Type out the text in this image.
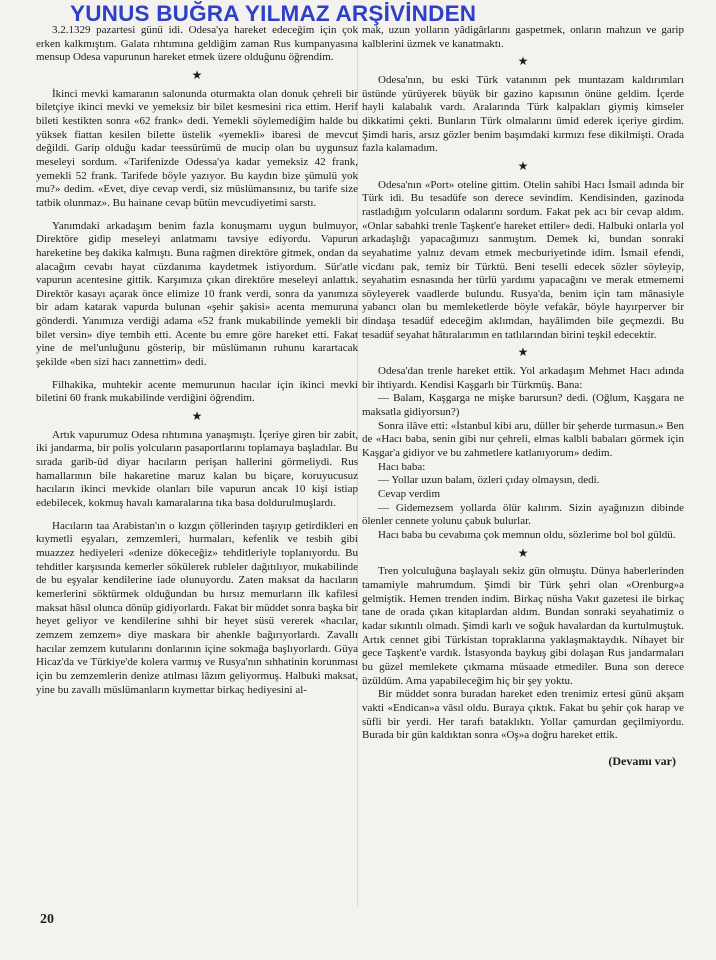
YUNUS BUĞRA YILMAZ ARŞİVİNDEN

3.2.1329 pazartesi günü idi. Odesa'ya hareket edeceğim için çok erken kalkmıştım. Galata rıhtımına geldiğim zaman Rus kumpanyasına mensup Odesa vapurunun hareket etmek üzere olduğunu öğrendim.

★

İkinci mevki kamaranın salonunda oturmakta olan donuk çehreli bir biletçiye ikinci mevki ve yemeksiz bir bilet kesmesini rica ettim. Herif bileti kestikten sonra «62 frank» dedi. Yemekli söylemediğim halde bu yüksek fiattan kesilen bilette üstelik «yemekli» ibaresi de mevcut değildi. Garip olduğu kadar teessürümü de mucip olan bu uygunsuz meseleyi sordum. «Tarifenizde Odessa'ya kadar yemeksiz 42 frank, yemekli 52 frank. Tarifede böyle yazıyor. Bu kaydın bize şümulü yok mu?» dedim. «Evet, diye cevap verdi, siz müslümansınız, bu tarife size tatbik olunmaz». Bu hainane cevap bütün mevcudiyetimi sarstı.

Yanımdaki arkadaşım benim fazla konuşmamı uygun bulmuyor, Direktöre gidip meseleyi anlatmamı tavsiye ediyordu. Vapurun hareketine beş dakika kalmıştı. Buna rağmen direktöre gitmek, ondan da alacağım cevabı hayat cüzdanıma kaydetmek istiyordum. Sür'atle vapurun acentesine gittik. Karşımıza çıkan direktöre meseleyi anlattık. Direktör kasayı açarak önce elimize 10 frank verdi, sonra da yanımıza bir adam katarak vapurda bulunan «şehir şakisi» acenta memuruna gönderdi. Yanımıza verdiği adama «52 frank mukabilinde yemekli bir bilet versin» diye tembih etti. Acente bu emre göre hareket etti. Fakat yine de mel'unluğunu gösterip, bir müslümanın ruhunu karartacak şekilde «ben sizi hacı zannettim» dedi.

Filhakika, muhtekir acente memurunun hacılar için ikinci mevki biletini 60 frank mukabilinde verdiğini öğrendim.

★

Artık vapurumuz Odesa rıhtımına yanaşmıştı. İçeriye giren bir zabit, iki jandarma, bir polis yolcuların pasaportlarını toplamaya başladılar. Bu sırada garib-üd diyar hacıların perişan hallerini görmeliydi. Rus hamallarının bile hakaretine maruz kalan bu biçare, koruyucusuz hacıların ikinci mevkide olanları bile vapurun ancak 10 kişi istiap edebilecek, kokmuş havalı kamaralarına tıka basa doldurulmuşlardı.

Hacıların taa Arabistan'ın o kızgın çöllerinden taşıyıp getirdikleri en kıymetli eşyaları, zemzemleri, hurmaları, kefenlik ve tesbih gibi muazzez hediyeleri «denize dökeceğiz» tehditleriyle toplanıyordu. Bu tehditler karşısında kemerler sökülerek rubleler dağıtılıyor, mukabilinde de bu eşyalar kendilerine iade olunuyordu. Zaten maksat da hacıların kemerlerini söktürmek olduğundan bu hırsız memurların ilk kafilesi maksat hâsıl olunca dönüp gidiyorlardı. Fakat bir müddet sonra başka bir heyet geliyor ve kendilerine sıhhi bir heyet süsü vererek «hacılar, zemzem zemzem» diye maskara bir ahenkle bağırıyorlardı. Zavallı hacılar zemzem kutularını donlarının içine sokmağa başlıyorlardı. Güya Hicaz'da ve Türkiye'de kolera varmış ve Rusya'nın sıhhatinin korunması için bu zemzemlerin denize atılması lâzım geliyormuş. Halbuki maksat, yine bu zavallı müslümanların kıymettar birkaç hediyesini al-

mak, uzun yolların yâdigârlarını gaspetmek, onların mahzun ve garip kalblerini üzmek ve kanatmaktı.

★

Odesa'nın, bu eski Türk vatanının pek muntazam kaldırımları üstünde yürüyerek büyük bir gazino kapısının önüne geldim. İçerde hayli kalabalık vardı. Aralarında Türk kalpakları giymiş kimseler dikkatimi çekti. Bunların Türk olmalarını ümid ederek içeriye girdim. Şimdi haris, arsız gözler benim başımdaki kırmızı fese dikilmişti. Orada fazla kalamadım.

★

Odesa'nın «Port» oteline gittim. Otelin sahibi Hacı İsmail adında bir Türk idi. Bu tesadüfe son derece sevindim. Kendisinden, gazinoda rastladığım yolcuların odalarını sordum. Fakat pek acı bir cevap aldım. «Onlar sabahki trenle Taşkent'e hareket ettiler» dedi. Halbuki onlarla yol arkadaşlığı yapacağımızı sanmıştım. Demek ki, bundan sonraki seyahatime yalnız devam etmek mecburiyetinde idim. İsmail efendi, vicdanı pak, temiz bir Türktü. Beni teselli edecek sözler söyleyip, seyahatim esnasında her türlü yardımı yapacağını ve merak etmememi söyleyerek vaadlerde bulundu. Rusya'da, benim için tam mânasiyle yabancı olan bu memleketlerde böyle vefakâr, böyle hayırperver bir dindaşa tesadüf edeceğim aklımdan, hayâlimden bile geçmezdi. Bu tesadüf seyahat hâtıralarımın en tatlılarından birini teşkil edecektir.

★

Odesa'dan trenle hareket ettik. Yol arkadaşım Mehmet Hacı adında bir ihtiyardı. Kendisi Kaşgarlı bir Türkmüş. Bana:

— Balam, Kaşgarga ne mişke barursun? dedi. (Oğlum, Kaşgara ne maksatla gidiyorsun?)

Sonra ilâve etti: «İstanbul kibi aru, düller bir şeherde turmasun.» Ben de «Hacı baba, senin gibi nur çehreli, elmas kalbli babaları görmek için Kaşgar'a gidiyor ve bu zahmetlere katlanıyorum» dedim.

Hacı baba:

— Yollar uzun balam, özleri çıday olmaysın, dedi.

Cevap verdim

— Gidemezsem yollarda ölür kalırım. Sizin ayağınızın dibinde ölenler cennete yolunu çabuk bulurlar.

Hacı baba bu cevabıma çok memnun oldu, sözlerime bol bol güldü.

★

Tren yolculuğuna başlayalı sekiz gün olmuştu. Dünya haberlerinden tamamiyle mahrumdum. Şimdi bir Türk şehri olan «Orenburg»a gelmiştik. Hemen trenden indim. Birkaç nüsha Vakıt gazetesi ile birkaç tane de orada çıkan kitaplardan aldım. Bundan sonraki seyahatimiz o kadar sıkıntılı olmadı. Şimdi karlı ve soğuk havalardan da kurtulmuştuk. Artık cennet gibi Türkistan topraklarına yaklaşmaktaydık. Nihayet bir gece Taşkent'e vardık. İstasyonda baykuş gibi dolaşan Rus jandarmaları bu güzel memlekete çıkmama müsaade etmediler. Buna son derece üzüldüm. Ama yapabileceğim hiç bir şey yoktu.

Bir müddet sonra buradan hareket eden trenimiz ertesi günü akşam vakti «Endican»a vâsıl oldu. Buraya çıktık. Fakat bu şehir çok harap ve süfli bir yerdi. Her tarafı bataklıktı. Yollar çamurdan geçilmiyordu. Burada bir gün kaldıktan sonra «Oş»a doğru hareket ettik.

(Devamı var)
20
